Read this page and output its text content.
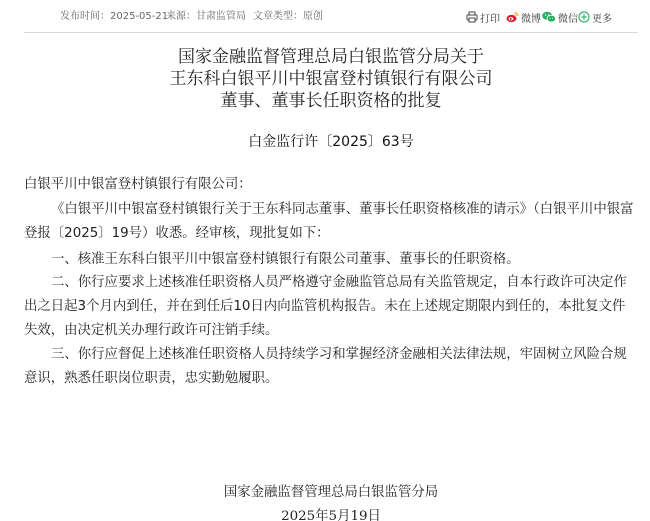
发布时间：2025-05-21
来源：甘肃监管局 文章类型：原创	打印 微博 微信 更多
国家金融监督管理总局白银监管分局关于
王东科白银平川中银富登村镇银行有限公司
董事、董事长任职资格的批复
白金监行许〔2025〕63号
白银平川中银富登村镇银行有限公司：
《白银平川中银富登村镇银行关于王东科同志董事、董事长任职资格核准的请示》（白银平川中银富登报〔2025〕19号）收悉。经审核，现批复如下：
一、核准王东科白银平川中银富登村镇银行有限公司董事、董事长的任职资格。
二、你行应要求上述核准任职资格人员严格遵守金融监管总局有关监管规定，自本行政许可决定作出之日起3个月内到任，并在到任后10日内向监管机构报告。未在上述规定期限内到任的，本批复文件失效，由决定机关办理行政许可注销手续。
三、你行应督促上述核准任职资格人员持续学习和掌握经济金融相关法律法规，牢固树立风险合规意识，熟悉任职岗位职责，忠实勤勉履职。
国家金融监督管理总局白银监管分局
2025年5月19日
